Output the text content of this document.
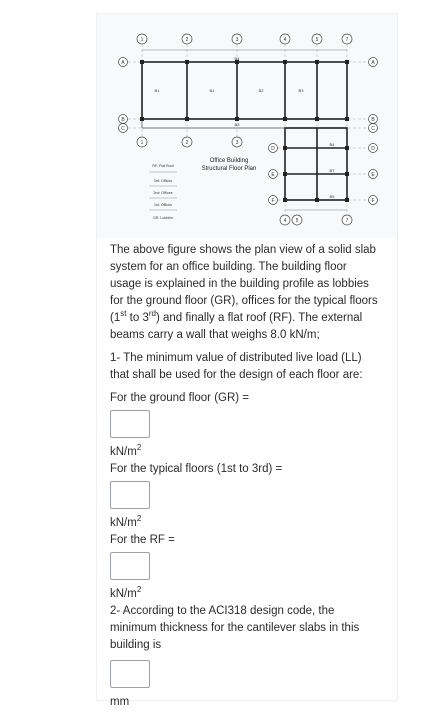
1	2	3	4	5	7
A
B
C
A
B
C
D
E
F
D
E
F
1	2	3
4 5	7
B4
B3
B4
B5
B7
B1	B1	B2	B3
RF: Flat Roof
3rd: Offices
2nd: Offices
1st: Offices
GR: Lobbies
Office Building
Structural Floor Plan

The above figure shows the plan view of a solid slab system for an office building. The building floor usage is explained in the building profile as lobbies for the ground floor (GR), offices for the typical floors (1st to 3rd) and finally a flat roof (RF). The external beams carry a wall that weighs 8.0 kN/m;

1- The minimum value of distributed live load (LL) that shall be used for the design of each floor are:

For the ground floor (GR) =

$kN/m^2$

For the typical floors (1st to 3rd) =

$kN/m^2$

For the RF =

$kN/m^2$

2- According to the ACI318 design code, the minimum thickness for the cantilever slabs in this building is

mm
